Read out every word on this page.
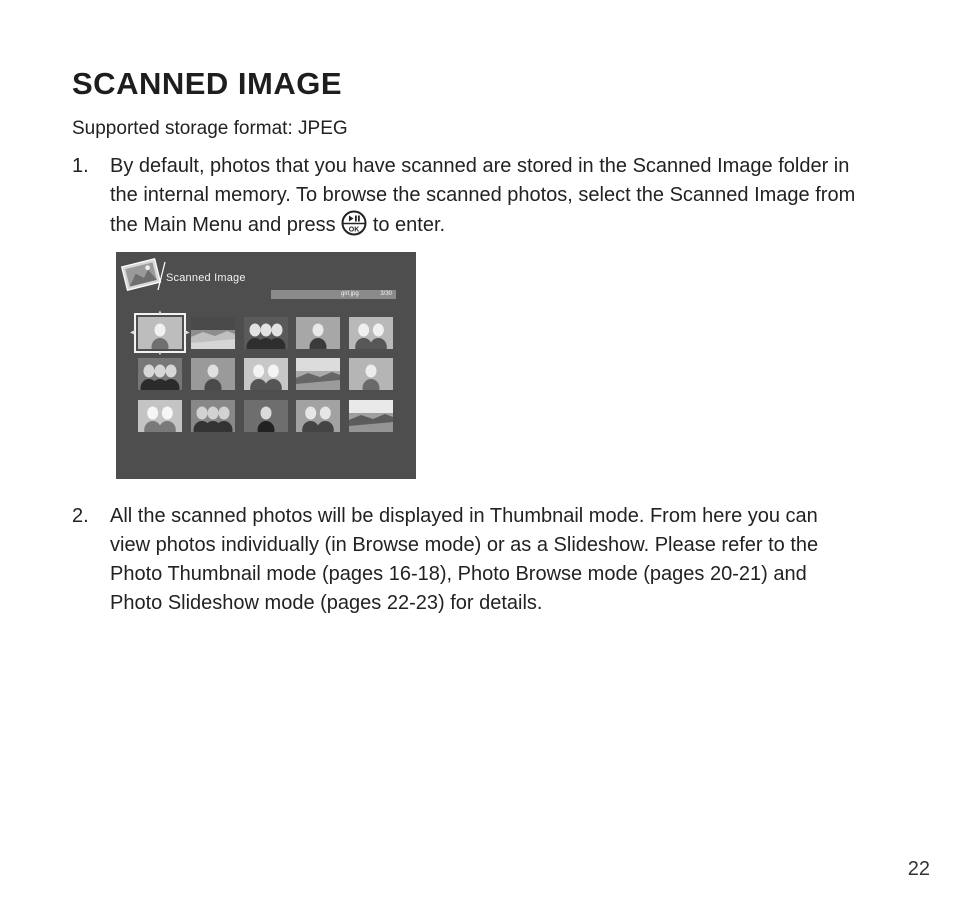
SCANNED IMAGE

Supported storage format: JPEG

1. By default, photos that you have scanned are stored in the Scanned Image folder in the internal memory. To browse the scanned photos, select the Scanned Image from the Main Menu and press OK to enter.
Scanned Image
girl.jpg	3/30
▲
▼
◀	▶
2. All the scanned photos will be displayed in Thumbnail mode. From here you can view photos individually (in Browse mode) or as a Slideshow. Please refer to the Photo Thumbnail mode (pages 16-18), Photo Browse mode (pages 20-21) and Photo Slideshow mode (pages 22-23) for details.
22
